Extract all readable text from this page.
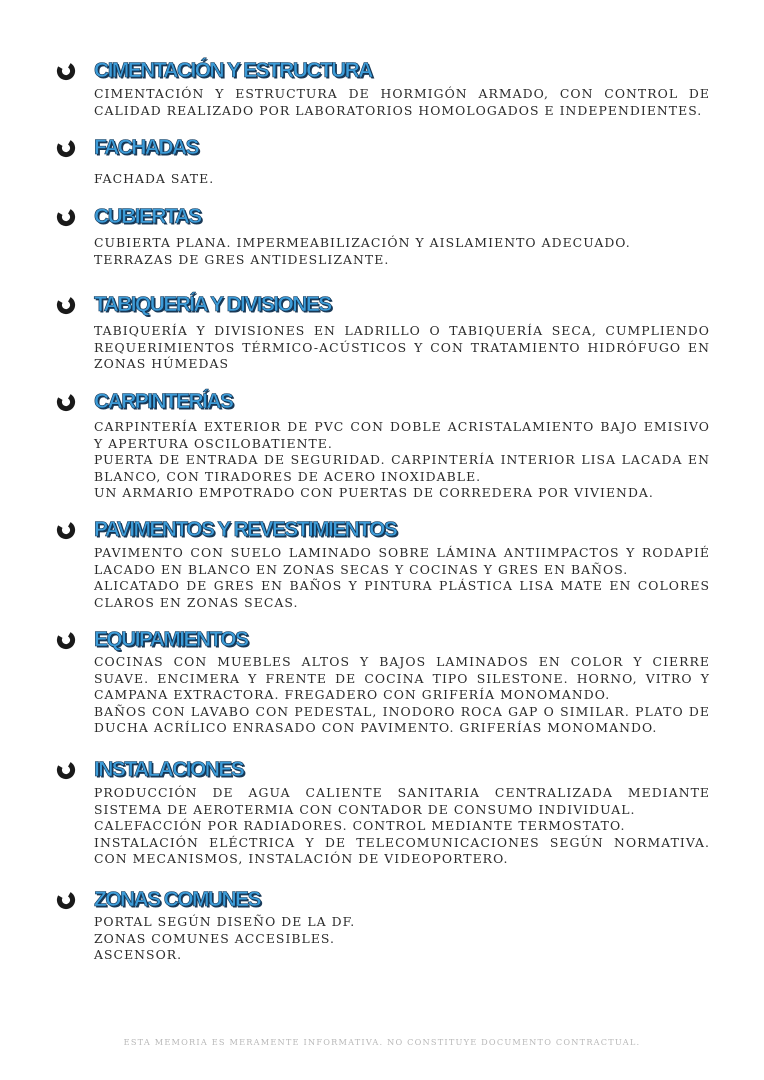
CIMENTACIÓN Y ESTRUCTURA

CIMENTACIÓN Y ESTRUCTURA DE HORMIGÓN ARMADO, CON CONTROL DE CALIDAD REALIZADO POR LABORATORIOS HOMOLOGADOS E INDEPENDIENTES.

FACHADAS

FACHADA SATE.

CUBIERTAS

CUBIERTA PLANA. IMPERMEABILIZACIÓN Y AISLAMIENTO ADECUADO.

TERRAZAS DE GRES ANTIDESLIZANTE.

TABIQUERÍA Y DIVISIONES

TABIQUERÍA Y DIVISIONES EN LADRILLO O TABIQUERÍA SECA, CUMPLIENDO REQUERIMIENTOS TÉRMICO-ACÚSTICOS Y CON TRATAMIENTO HIDRÓFUGO EN ZONAS HÚMEDAS

CARPINTERÍAS

CARPINTERÍA EXTERIOR DE PVC CON DOBLE ACRISTALAMIENTO BAJO EMISIVO Y APERTURA OSCILOBATIENTE.

PUERTA DE ENTRADA DE SEGURIDAD. CARPINTERÍA INTERIOR LISA LACADA EN BLANCO, CON TIRADORES DE ACERO INOXIDABLE.

UN ARMARIO EMPOTRADO CON PUERTAS DE CORREDERA POR VIVIENDA.

PAVIMENTOS Y REVESTIMIENTOS

PAVIMENTO CON SUELO LAMINADO SOBRE LÁMINA ANTIIMPACTOS Y RODAPIÉ LACADO EN BLANCO EN ZONAS SECAS Y COCINAS Y GRES EN BAÑOS.

ALICATADO DE GRES EN BAÑOS Y PINTURA PLÁSTICA LISA MATE EN COLORES CLAROS EN ZONAS SECAS.

EQUIPAMIENTOS

COCINAS CON MUEBLES ALTOS Y BAJOS LAMINADOS EN COLOR Y CIERRE SUAVE. ENCIMERA Y FRENTE DE COCINA TIPO SILESTONE. HORNO, VITRO Y CAMPANA EXTRACTORA. FREGADERO CON GRIFERÍA MONOMANDO.

BAÑOS CON LAVABO CON PEDESTAL, INODORO ROCA GAP O SIMILAR. PLATO DE DUCHA ACRÍLICO ENRASADO CON PAVIMENTO. GRIFERÍAS MONOMANDO.

INSTALACIONES

PRODUCCIÓN DE AGUA CALIENTE SANITARIA CENTRALIZADA MEDIANTE SISTEMA DE AEROTERMIA CON CONTADOR DE CONSUMO INDIVIDUAL.

CALEFACCIÓN POR RADIADORES. CONTROL MEDIANTE TERMOSTATO.

INSTALACIÓN ELÉCTRICA Y DE TELECOMUNICACIONES SEGÚN NORMATIVA. CON MECANISMOS, INSTALACIÓN DE VIDEOPORTERO.

ZONAS COMUNES

PORTAL SEGÚN DISEÑO DE LA DF.

ZONAS COMUNES ACCESIBLES.

ASCENSOR.

ESTA MEMORIA ES MERAMENTE INFORMATIVA. NO CONSTITUYE DOCUMENTO CONTRACTUAL.
